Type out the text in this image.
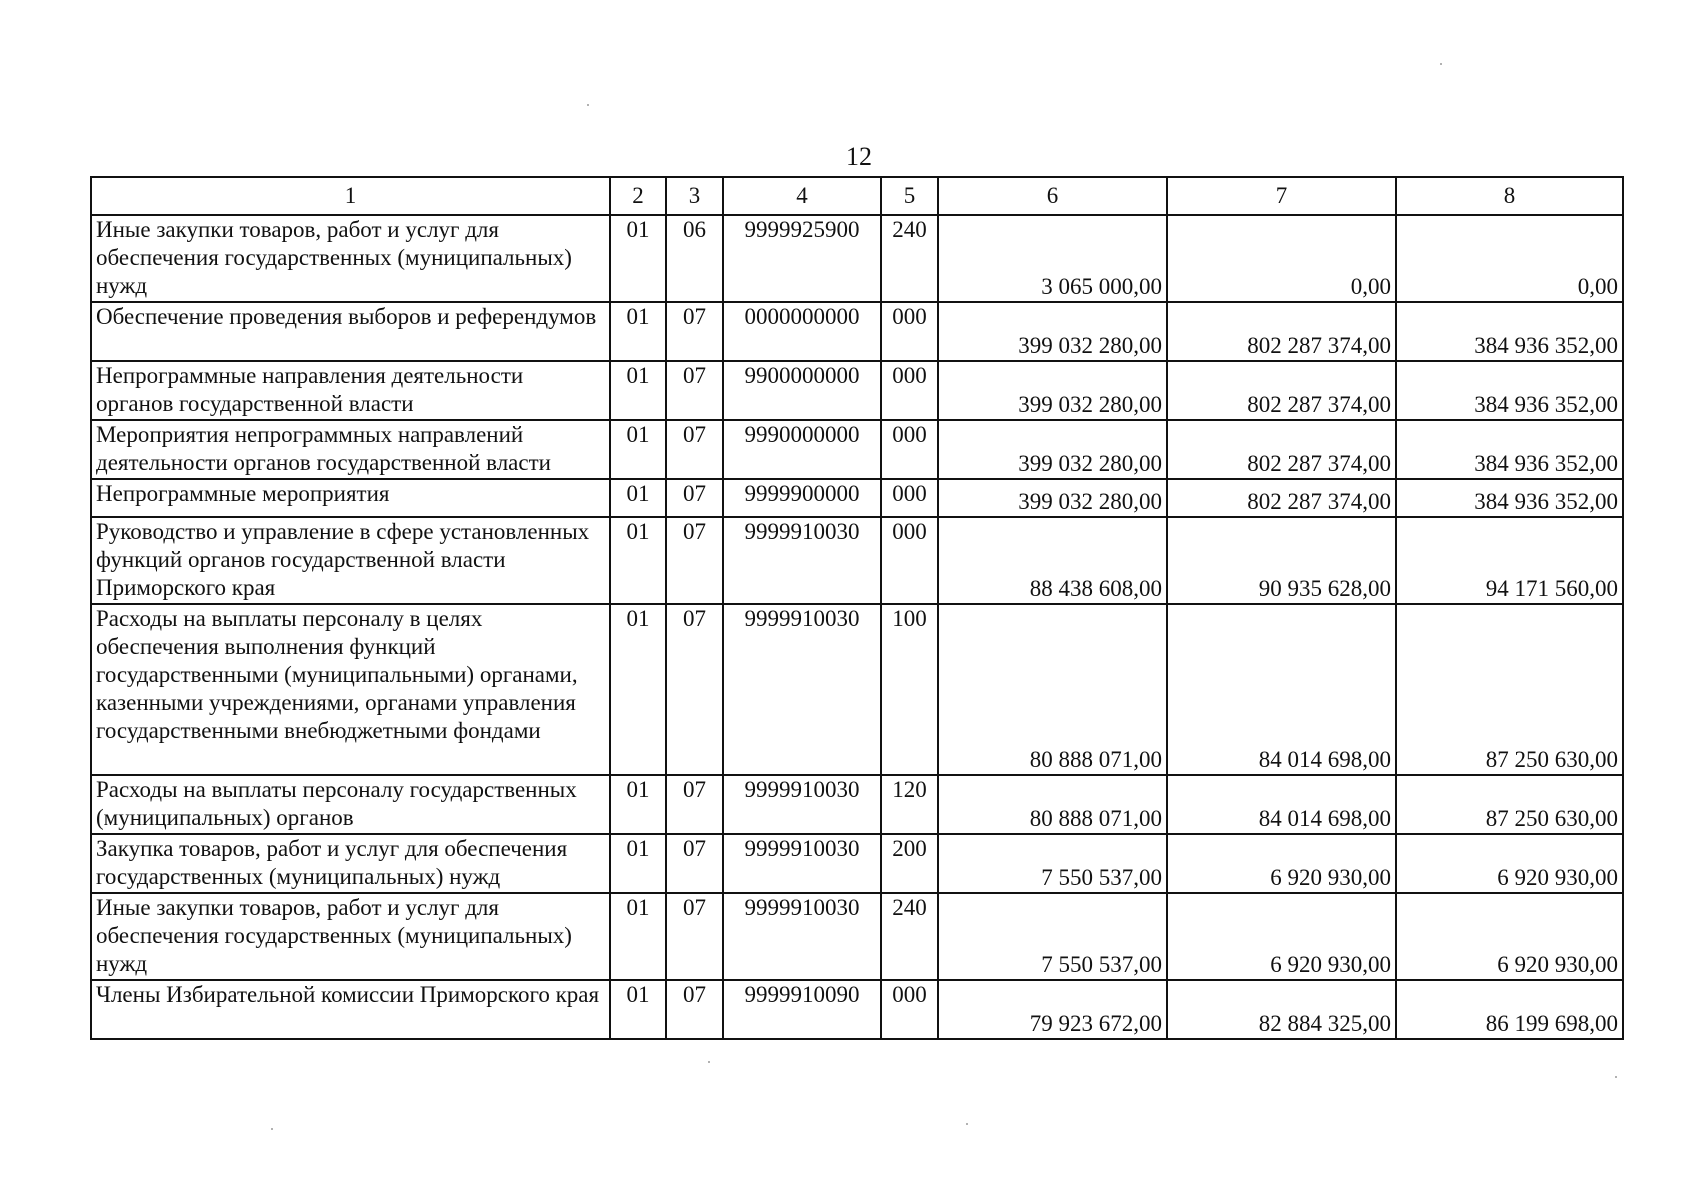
12
1	2	3	4	5	6	7	8
Иные закупки товаров, работ и услуг для обеспечения государственных (муниципальных) нужд	01	06	9999925900	240	3 065 000,00	0,00	0,00
Обеспечение проведения выборов и референдумов	01	07	0000000000	000	399 032 280,00	802 287 374,00	384 936 352,00
Непрограммные направления деятельности органов государственной власти	01	07	9900000000	000	399 032 280,00	802 287 374,00	384 936 352,00
Мероприятия непрограммных направлений деятельности органов государственной власти	01	07	9990000000	000	399 032 280,00	802 287 374,00	384 936 352,00
Непрограммные мероприятия	01	07	9999900000	000	399 032 280,00	802 287 374,00	384 936 352,00
Руководство и управление в сфере установленных функций органов государственной власти Приморского края	01	07	9999910030	000	88 438 608,00	90 935 628,00	94 171 560,00
Расходы на выплаты персоналу в целях обеспечения выполнения функций государственными (муниципальными) органами, казенными учреждениями, органами управления государственными внебюджетными фондами	01	07	9999910030	100	80 888 071,00	84 014 698,00	87 250 630,00
Расходы на выплаты персоналу государственных (муниципальных) органов	01	07	9999910030	120	80 888 071,00	84 014 698,00	87 250 630,00
Закупка товаров, работ и услуг для обеспечения государственных (муниципальных) нужд	01	07	9999910030	200	7 550 537,00	6 920 930,00	6 920 930,00
Иные закупки товаров, работ и услуг для обеспечения государственных (муниципальных) нужд	01	07	9999910030	240	7 550 537,00	6 920 930,00	6 920 930,00
Члены Избирательной комиссии Приморского края	01	07	9999910090	000	79 923 672,00	82 884 325,00	86 199 698,00
